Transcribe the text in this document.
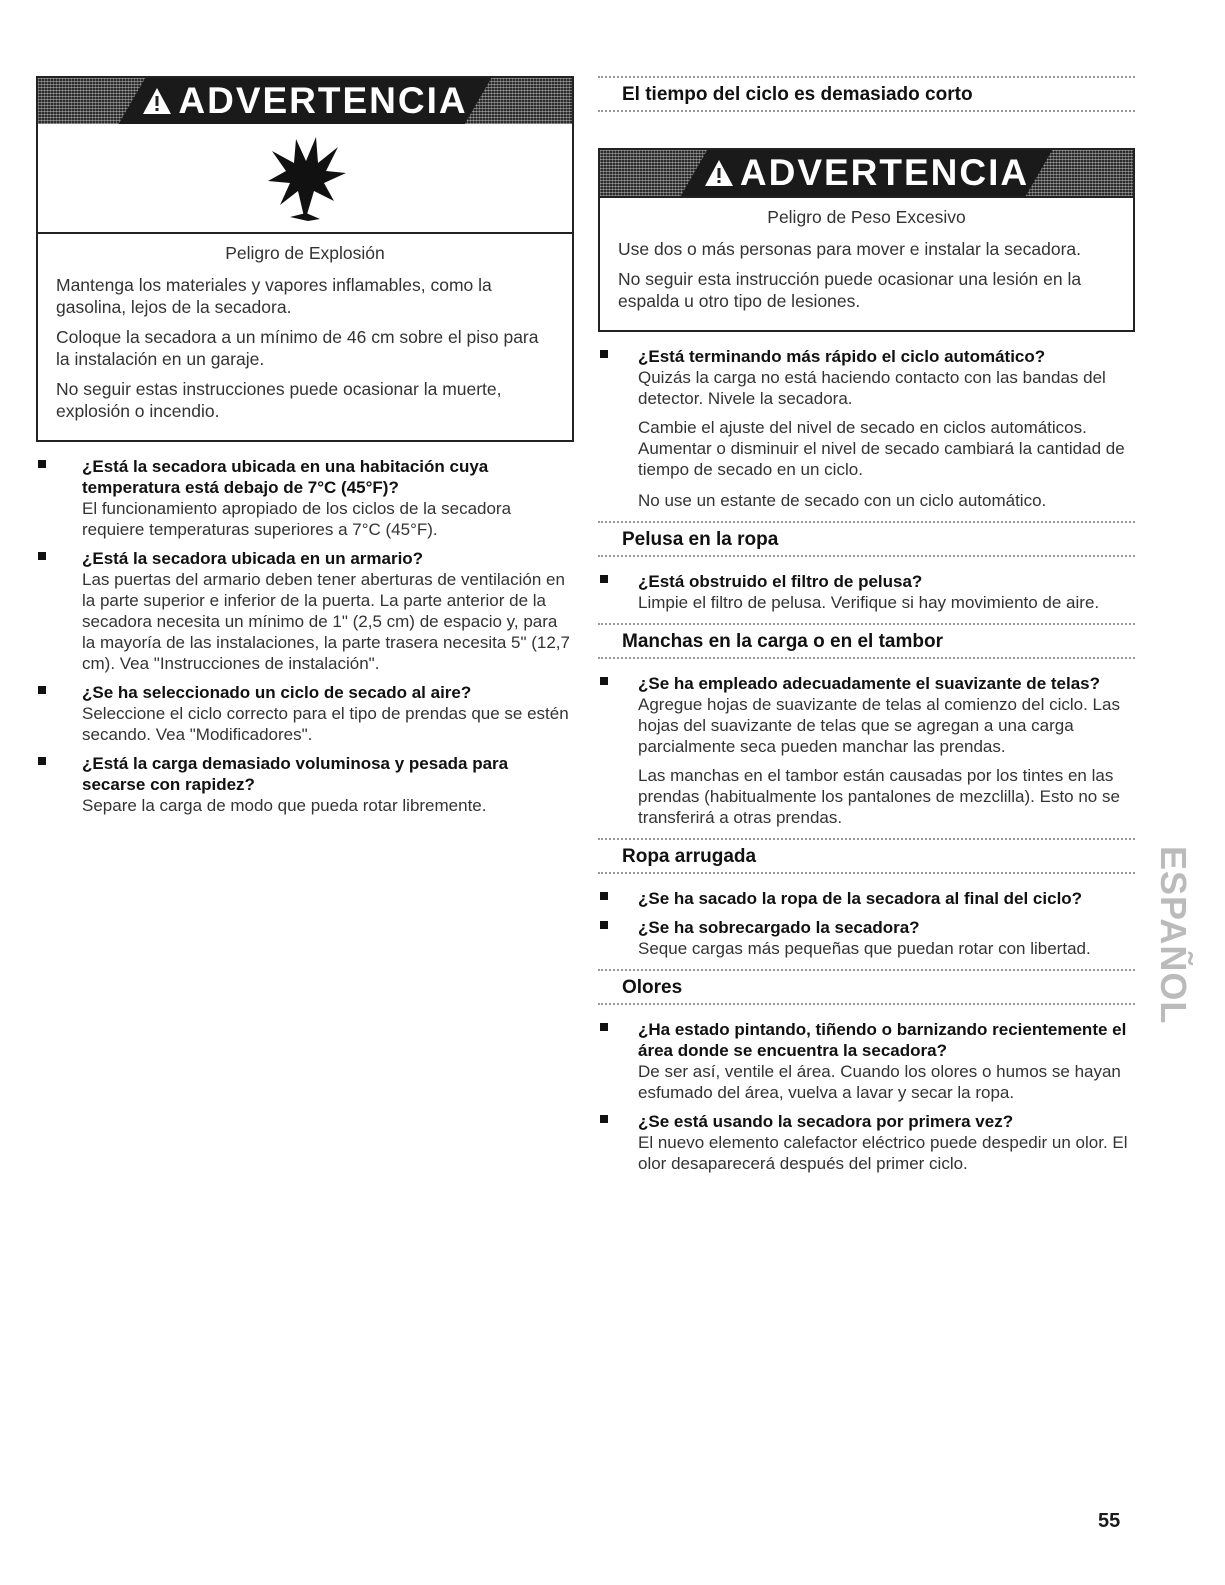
ADVERTENCIA
Peligro de Explosión

Mantenga los materiales y vapores inflamables, como la gasolina, lejos de la secadora.

Coloque la secadora a un mínimo de 46 cm sobre el piso para la instalación en un garaje.

No seguir estas instrucciones puede ocasionar la muerte, explosión o incendio.

¿Está la secadora ubicada en una habitación cuya temperatura está debajo de 7°C (45°F)?
El funcionamiento apropiado de los ciclos de la secadora requiere temperaturas superiores a 7°C (45°F).
¿Está la secadora ubicada en un armario?
Las puertas del armario deben tener aberturas de ventilación en la parte superior e inferior de la puerta. La parte anterior de la secadora necesita un mínimo de 1" (2,5 cm) de espacio y, para la mayoría de las instalaciones, la parte trasera necesita 5" (12,7 cm). Vea "Instrucciones de instalación".
¿Se ha seleccionado un ciclo de secado al aire?
Seleccione el ciclo correcto para el tipo de prendas que se estén secando. Vea "Modificadores".
¿Está la carga demasiado voluminosa y pesada para secarse con rapidez?
Separe la carga de modo que pueda rotar libremente.
El tiempo del ciclo es demasiado corto
ADVERTENCIA
Peligro de Peso Excesivo

Use dos o más personas para mover e instalar la secadora.

No seguir esta instrucción puede ocasionar una lesión en la espalda u otro tipo de lesiones.

¿Está terminando más rápido el ciclo automático?
Quizás la carga no está haciendo contacto con las bandas del detector. Nivele la secadora.

Cambie el ajuste del nivel de secado en ciclos automáticos. Aumentar o disminuir el nivel de secado cambiará la cantidad de tiempo de secado en un ciclo.

No use un estante de secado con un ciclo automático.

Pelusa en la ropa
¿Está obstruido el filtro de pelusa?
Limpie el filtro de pelusa. Verifique si hay movimiento de aire.
Manchas en la carga o en el tambor
¿Se ha empleado adecuadamente el suavizante de telas?
Agregue hojas de suavizante de telas al comienzo del ciclo. Las hojas del suavizante de telas que se agregan a una carga parcialmente seca pueden manchar las prendas.

Las manchas en el tambor están causadas por los tintes en las prendas (habitualmente los pantalones de mezclilla). Esto no se transferirá a otras prendas.

Ropa arrugada
¿Se ha sacado la ropa de la secadora al final del ciclo?
¿Se ha sobrecargado la secadora?
Seque cargas más pequeñas que puedan rotar con libertad.
Olores
¿Ha estado pintando, tiñendo o barnizando recientemente el área donde se encuentra la secadora?
De ser así, ventile el área. Cuando los olores o humos se hayan esfumado del área, vuelva a lavar y secar la ropa.
¿Se está usando la secadora por primera vez?
El nuevo elemento calefactor eléctrico puede despedir un olor. El olor desaparecerá después del primer ciclo.
ESPAÑOL
55
